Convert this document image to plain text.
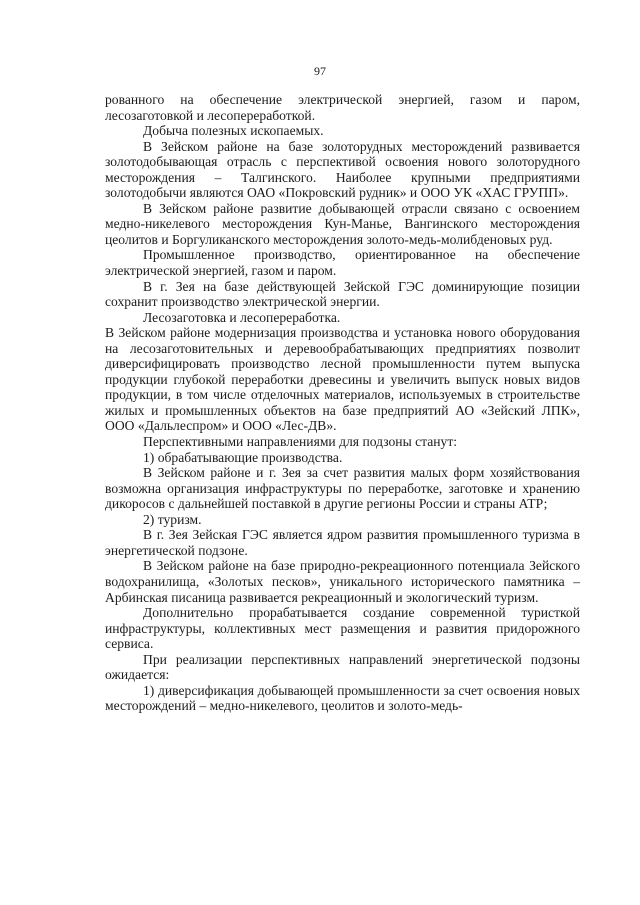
97

рованного на обеспечение электрической энергией, газом и паром, лесозаготовкой и лесопереработкой.

Добыча полезных ископаемых.

В Зейском районе на базе золоторудных месторождений развивается золотодобывающая отрасль с перспективой освоения нового золоторудного месторождения – Талгинского. Наиболее крупными предприятиями золотодобычи являются ОАО «Покровский рудник» и ООО УК «ХАС ГРУПП».

В Зейском районе развитие добывающей отрасли связано с освоением медно-никелевого месторождения Кун-Манье, Вангинского месторождения цеолитов и Боргуликанского месторождения золото-медь-молибденовых руд.

Промышленное производство, ориентированное на обеспечение электрической энергией, газом и паром.

В г. Зея на базе действующей Зейской ГЭС доминирующие позиции сохранит производство электрической энергии.

Лесозаготовка и лесопереработка.

В Зейском районе модернизация производства и установка нового оборудования на лесозаготовительных и деревообрабатывающих предприятиях позволит диверсифицировать производство лесной промышленности путем выпуска продукции глубокой переработки древесины и увеличить выпуск новых видов продукции, в том числе отделочных материалов, используемых в строительстве жилых и промышленных объектов на базе предприятий АО «Зейский ЛПК», ООО «Дальлеспром» и ООО «Лес-ДВ».

Перспективными направлениями для подзоны станут:

1) обрабатывающие производства.

В Зейском районе и г. Зея за счет развития малых форм хозяйствования возможна организация инфраструктуры по переработке, заготовке и хранению дикоросов с дальнейшей поставкой в другие регионы России и страны АТР;

2) туризм.

В г. Зея Зейская ГЭС является ядром развития промышленного туризма в энергетической подзоне.

В Зейском районе на базе природно-рекреационного потенциала Зейского водохранилища, «Золотых песков», уникального исторического памятника – Арбинская писаница развивается рекреационный и экологический туризм.

Дополнительно прорабатывается создание современной туристкой инфраструктуры, коллективных мест размещения и развития придорожного сервиса.

При реализации перспективных направлений энергетической подзоны ожидается:

1) диверсификация добывающей промышленности за счет освоения новых месторождений – медно-никелевого, цеолитов и золото-медь-
